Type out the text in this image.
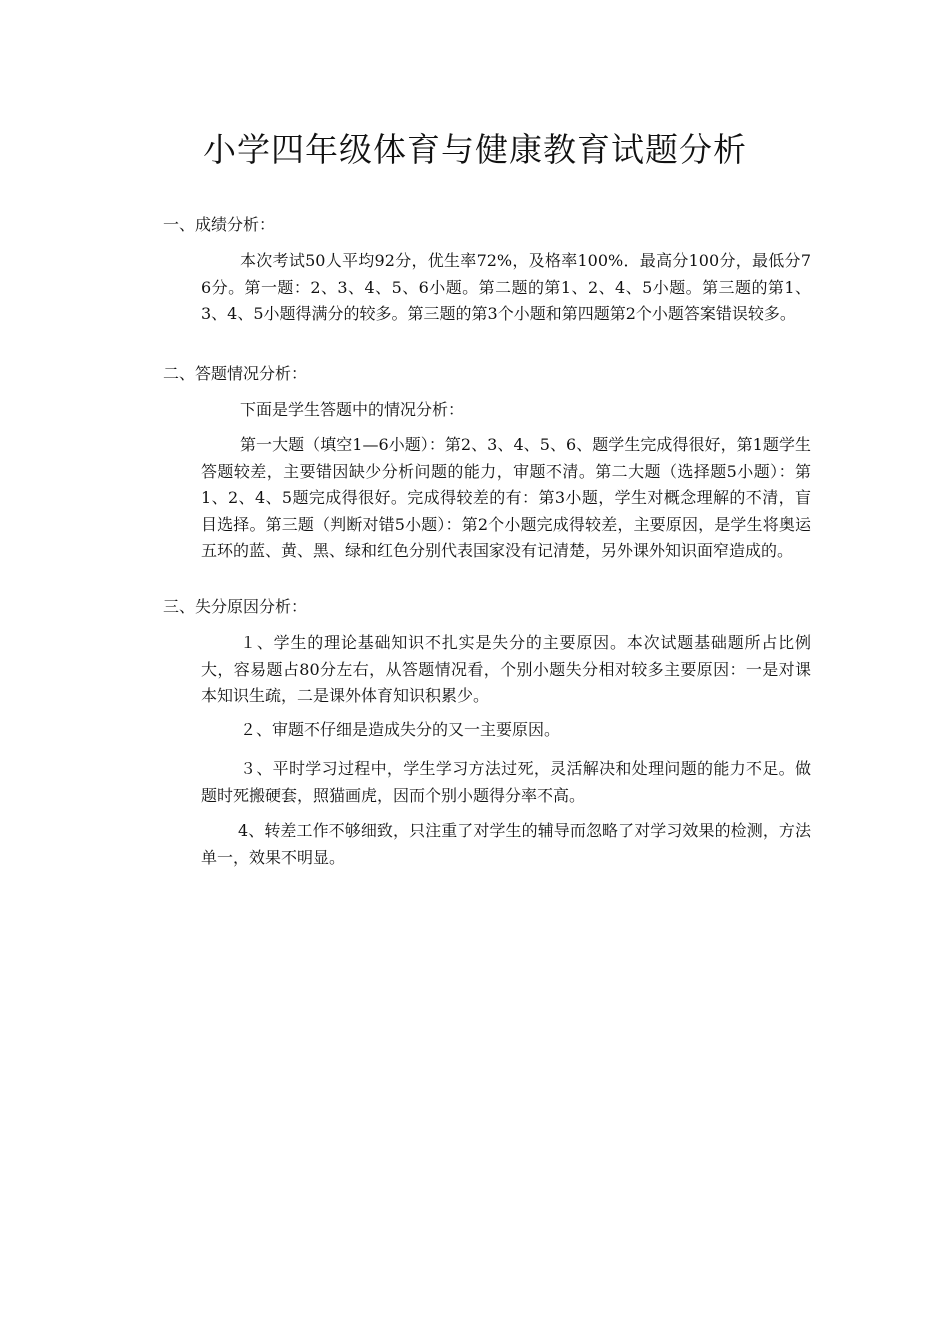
小学四年级体育与健康教育试题分析

一、成绩分析：

本次考试50人平均92分，优生率72%，及格率100%．最高分100分，最低分76分。第一题：2、3、4、5、6小题。第二题的第1、2、4、5小题。第三题的第1、3、4、5小题得满分的较多。第三题的第3个小题和第四题第2个小题答案错误较多。

二、答题情况分析：

下面是学生答题中的情况分析：

第一大题（填空1—6小题）：第2、3、4、5、6、题学生完成得很好，第1题学生答题较差，主要错因缺少分析问题的能力，审题不清。第二大题（选择题5小题）：第1、2、4、5题完成得很好。完成得较差的有：第3小题，学生对概念理解的不清，盲目选择。第三题（判断对错5小题）：第2个小题完成得较差，主要原因，是学生将奥运五环的蓝、黄、黑、绿和红色分别代表国家没有记清楚，另外课外知识面窄造成的。

三、失分原因分析：

１、学生的理论基础知识不扎实是失分的主要原因。本次试题基础题所占比例大，容易题占80分左右，从答题情况看，个别小题失分相对较多主要原因：一是对课本知识生疏，二是课外体育知识积累少。

２、审题不仔细是造成失分的又一主要原因。

３、平时学习过程中，学生学习方法过死，灵活解决和处理问题的能力不足。做题时死搬硬套，照猫画虎，因而个别小题得分率不高。

4、转差工作不够细致，只注重了对学生的辅导而忽略了对学习效果的检测，方法单一，效果不明显。
